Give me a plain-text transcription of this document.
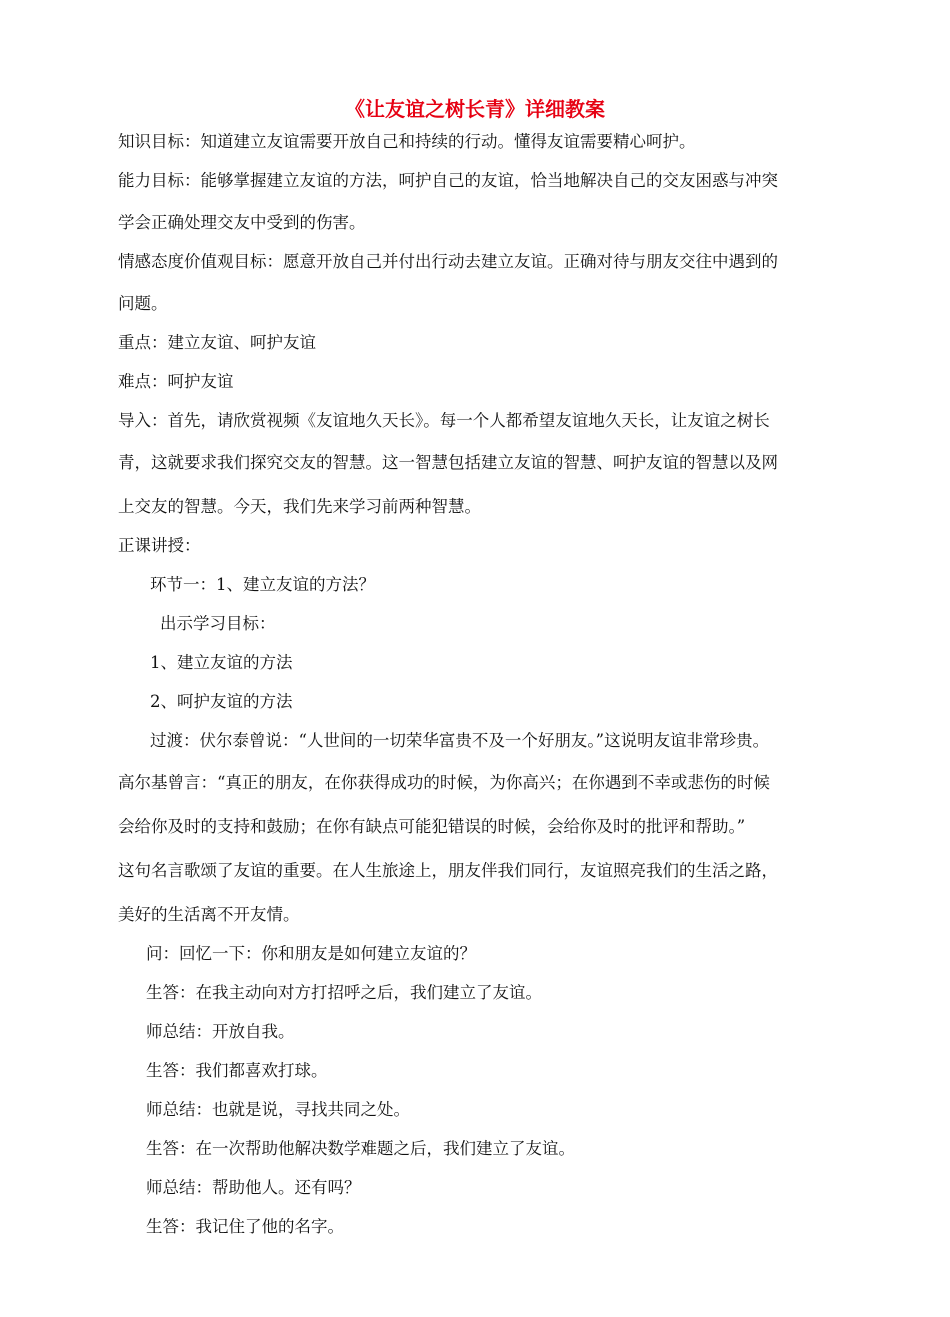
《让友谊之树长青》详细教案
知识目标：知道建立友谊需要开放自己和持续的行动。懂得友谊需要精心呵护。
能力目标：能够掌握建立友谊的方法，呵护自己的友谊，恰当地解决自己的交友困惑与冲突
学会正确处理交友中受到的伤害。
情感态度价值观目标：愿意开放自己并付出行动去建立友谊。正确对待与朋友交往中遇到的
问题。
重点：建立友谊、呵护友谊
难点：呵护友谊
导入：首先，请欣赏视频《友谊地久天长》。每一个人都希望友谊地久天长，让友谊之树长
青，这就要求我们探究交友的智慧。这一智慧包括建立友谊的智慧、呵护友谊的智慧以及网
上交友的智慧。今天，我们先来学习前两种智慧。
正课讲授：
环节一：1、建立友谊的方法？
出示学习目标：
1、建立友谊的方法
2、呵护友谊的方法
过渡：伏尔泰曾说：“人世间的一切荣华富贵不及一个好朋友。”这说明友谊非常珍贵。
高尔基曾言：“真正的朋友，在你获得成功的时候，为你高兴；在你遇到不幸或悲伤的时候
会给你及时的支持和鼓励；在你有缺点可能犯错误的时候，会给你及时的批评和帮助。”
这句名言歌颂了友谊的重要。在人生旅途上，朋友伴我们同行，友谊照亮我们的生活之路，
美好的生活离不开友情。
问：回忆一下：你和朋友是如何建立友谊的？
生答：在我主动向对方打招呼之后，我们建立了友谊。
师总结：开放自我。
生答：我们都喜欢打球。
师总结：也就是说，寻找共同之处。
生答：在一次帮助他解决数学难题之后，我们建立了友谊。
师总结：帮助他人。还有吗？
生答：我记住了他的名字。
